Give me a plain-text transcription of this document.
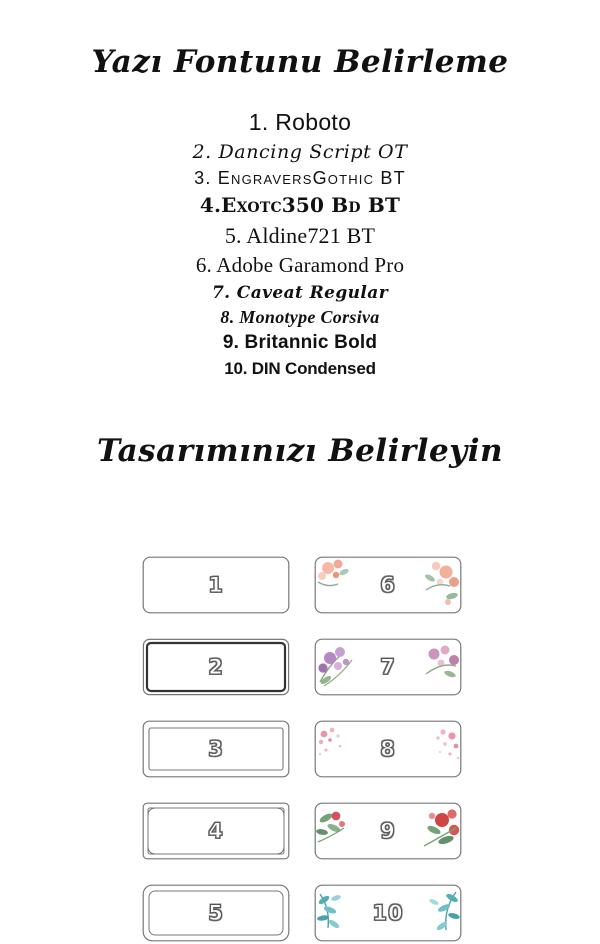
Yazı Fontunu Belirleme
1. Roboto
2. Dancing Script OT
3. EngraversGothic BT
4.Exotc350 Bd BT
5. Aldine721 BT
6. Adobe Garamond Pro
7. Caveat Regular
8. Monotype Corsiva
9. Britannic Bold
10. DIN Condensed
Tasarımınızı Belirleyin
1	6
2	7
3	8
4	9
5	10
